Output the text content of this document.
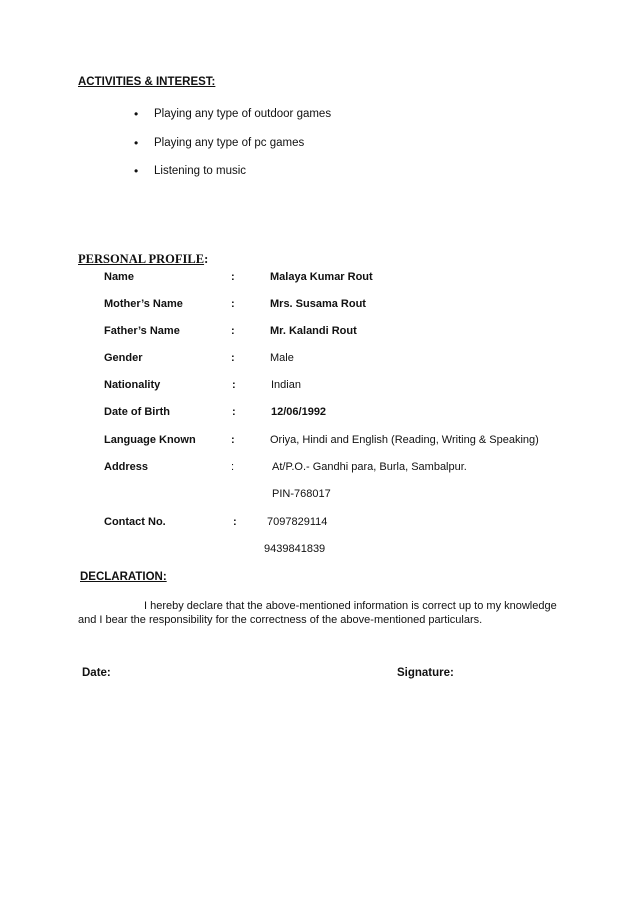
ACTIVITIES & INTEREST:
•	Playing any type of outdoor games
•	Playing any type of pc games
•	Listening to music
PERSONAL PROFILE:
Name	:	Malaya Kumar Rout
Mother’s Name	:	Mrs. Susama Rout
Father’s Name	:	Mr. Kalandi Rout
Gender	:	Male
Nationality	:	Indian
Date of Birth	:	12/06/1992
Language Known	:	Oriya, Hindi and English (Reading, Writing & Speaking)
Address	:	At/P.O.- Gandhi para, Burla, Sambalpur.
PIN-768017
Contact No.	:	7097829114
9439841839
DECLARATION:
I hereby declare that the above-mentioned information is correct up to my knowledge
and I bear the responsibility for the correctness of the above-mentioned particulars.
Date:	Signature:
